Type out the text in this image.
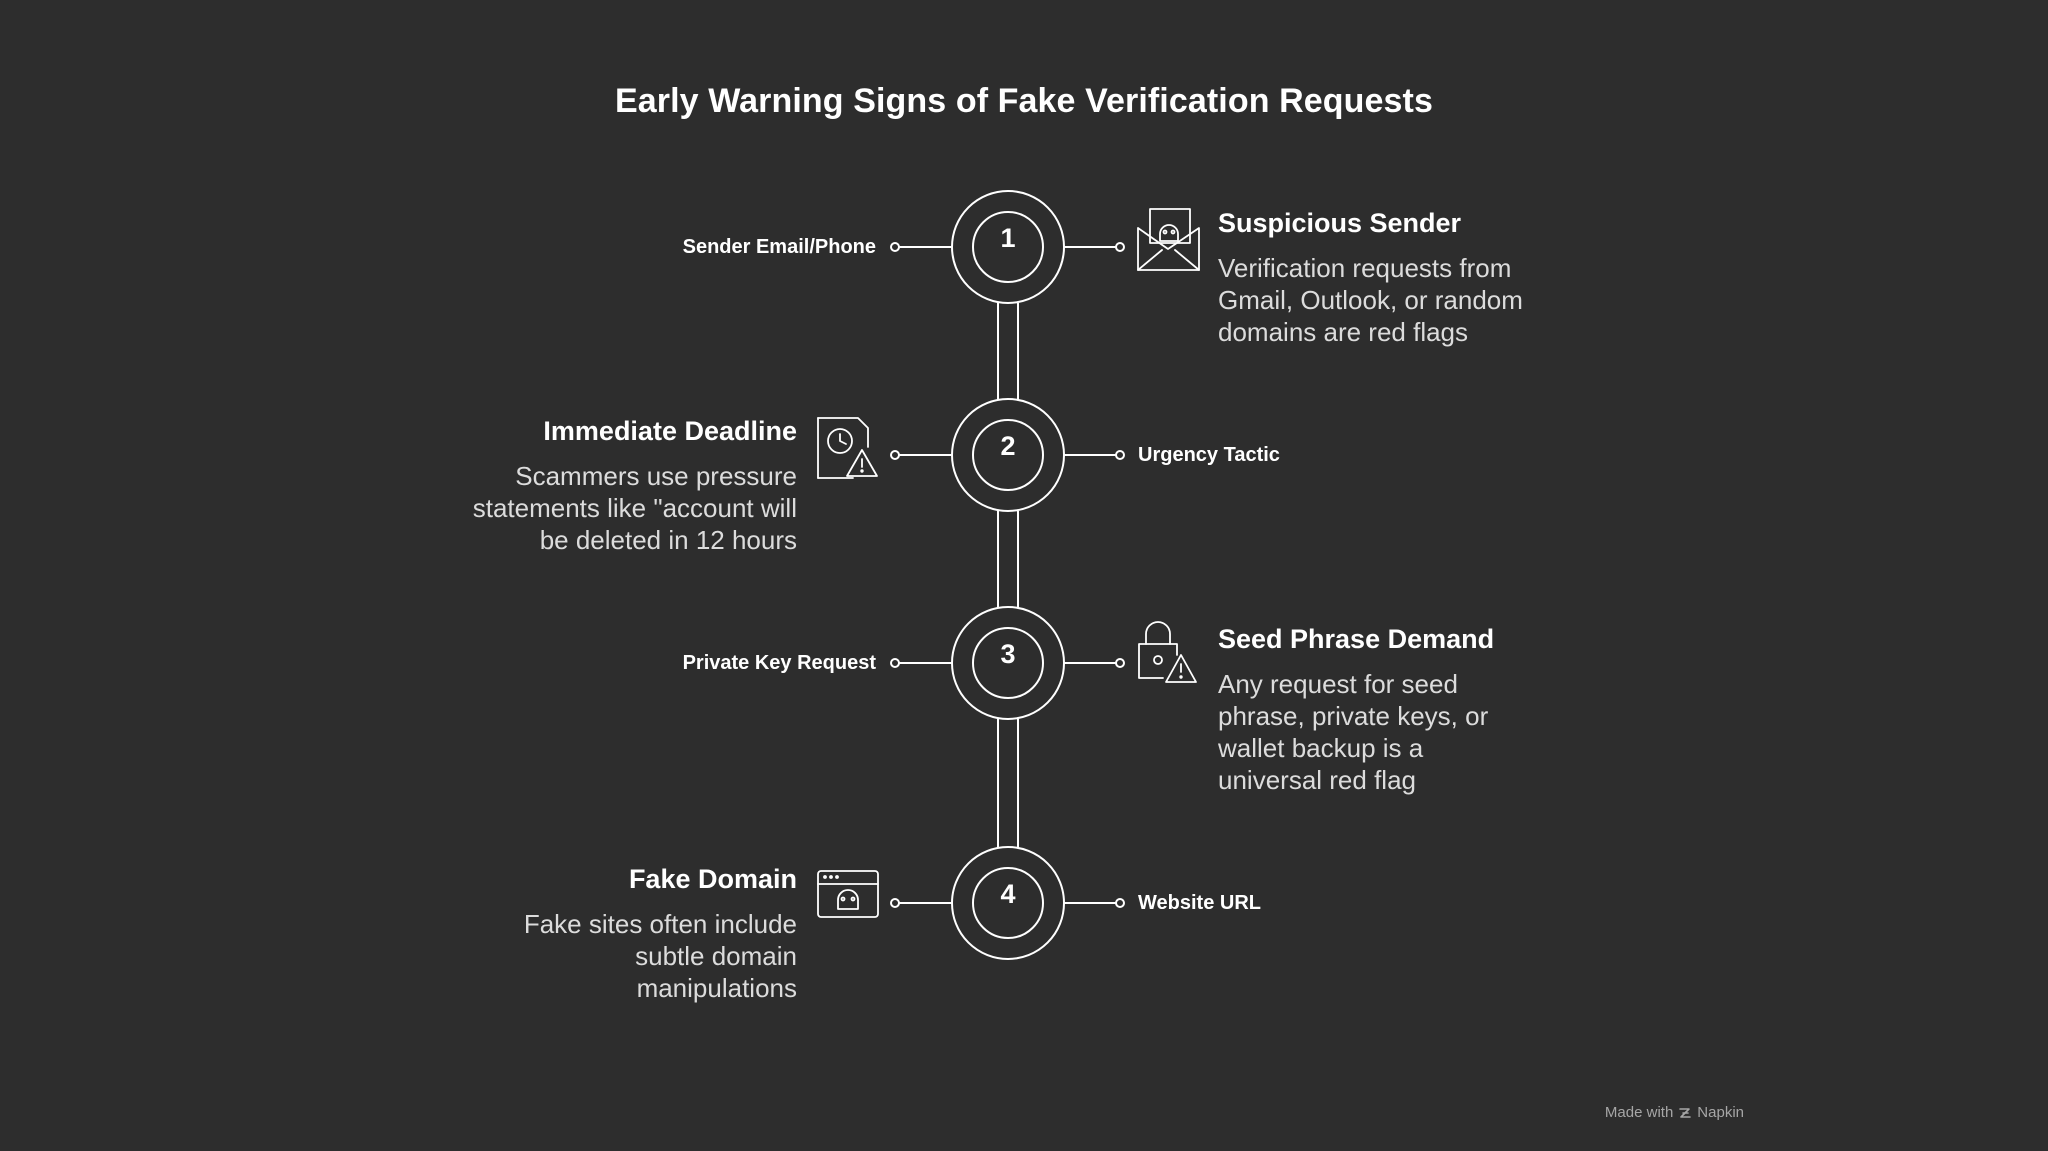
Early Warning Signs of Fake Verification Requests
1
2
3
4
Sender Email/Phone
Urgency Tactic
Private Key Request
Website URL
Suspicious Sender
Verification requests from Gmail, Outlook, or random domains are red flags
Immediate Deadline
Scammers use pressure statements like "account will be deleted in 12 hours
Seed Phrase Demand
Any request for seed phrase, private keys, or wallet backup is a universal red flag
Fake Domain
Fake sites often include subtle domain manipulations
Made with Napkin
